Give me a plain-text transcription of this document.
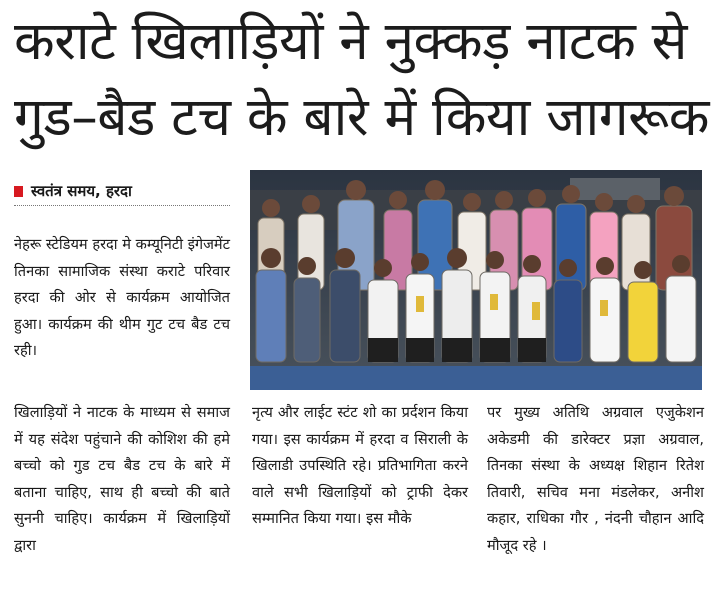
कराटे खिलाड़ियों ने नुक्कड़ नाटक से
गुड–बैड टच के बारे में किया जागरूक
स्वतंत्र समय, हरदा

नेहरू स्टेडियम हरदा मे कम्यूनिटी इंगेजमेंट तिनका सामाजिक संस्था कराटे परिवार हरदा की ओर से कार्यक्रम आयोजित हुआ। कार्यक्रम की थीम गुट टच बैड टच रही।

खिलाड़ियों ने नाटक के माध्यम से समाज में यह संदेश पहुंचाने की कोशिश की हमे बच्चो को गुड टच बैड टच के बारे में बताना चाहिए, साथ ही बच्चो की बाते सुननी चाहिए। कार्यक्रम में खिलाड़ियों द्वारा

नृत्य और लाईट स्टंट शो का प्रर्दशन किया गया। इस कार्यक्रम में हरदा व सिराली के खिलाडी उपस्थिति रहे। प्रतिभागिता करने वाले सभी खिलाड़ियों को ट्राफी देकर सम्मानित किया गया। इस मौके

पर मुख्य अतिथि अग्रवाल एजुकेशन अकेडमी की डारेक्टर प्रज्ञा अग्रवाल, तिनका संस्था के अध्यक्ष शिहान रितेश तिवारी, सचिव मना मंडलेकर, अनीश कहार, राधिका गौर , नंदनी चौहान आदि मौजूद रहे ।
